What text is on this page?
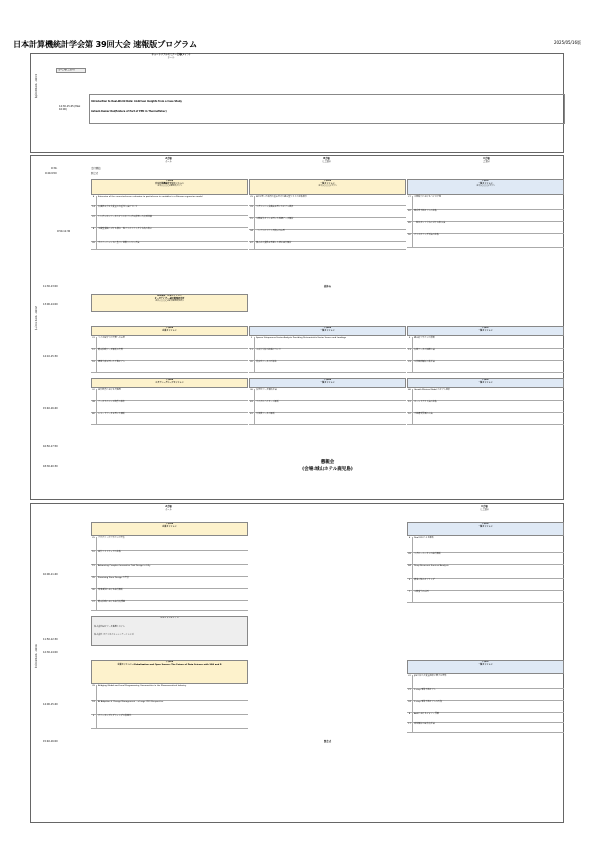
日本計算機統計学会第 39回大会 速報版プログラム	2025/05/16版
1日目・5月16日(金)
第1会場(会議室)
チュートリアルセミナー会場(メイン)
ホール
14:30-15:45 (Max 16:00)
Introduction to Real-World Data: AI-Driven Insights from a Case Study
Ashwin Kumar Rai(Evidera of Part of PPD in Thermofisher)
2日目・5月17日(土)
A会場
ホール
B会場
大会議室
C会場
会議室
9:30-	受付開始
9:40-9:50	開会式
9:50-11:30
午前1A
日本計算機統計学会セッション
座長:○○○○(鹿児島大学)
4	Extension of the corrected-score estimator to partial-error in variables in a Poisson regression model
14	欠損値を含む共変量の多重代入法について
22	シングルセルデータのクラスタリングを活用した次元削減
8	多様型変数に対する潜在一般パラメトリック分布族の推定
26	ダイバージェンスに基づく特徴ランキング法
午前1B
一般セッション
座長:○○○○(大学)
29	IRTを用いた項目の重み付けと適応型テストの比較検討
33	ラグランジュ乗数法を用いたモデル選択
15	空間統計モデルを用いた地域データ解析
34	ノンパラメトリック検定の応用
47	個人内の変動を考慮した遺伝統計解析
午前1C
一般セッション
座長:○○○○(大学)
27	中間報告におけるベイズ予測
42	時系列予測モデルの比較
45	一般化ガンマ分布に対する推定法
50	クラスタリング手法の比較
11:30-13:00	昼休み
13:00-14:00
特別講演・企業セッション
オーガナイザー:統計数理研究所
座長:○○○○(統計数理研究所)
14:10-15:30
午後1A
企業セッション
31	ベイズ統計学の実務への応用
12	臨床試験データ解析の実際
16	機械学習を用いた予測モデル
午後1B
一般セッション
2	Sparse Uniqueness Factor Analysis Providing Deterministic Factor Scores and Loadings
11	主成分分析の拡張について
20	高次元データの可視化
午後1C
一般セッション
9	適応的デザインの評価
13	欠測データの処理方法
23	生存時間解析の新手法
15:40-16:40
午後2A
スタディーグループセッション
32	統計教育における実践例
38	データサイエンス教育の現状
40	レコードデータを用いた解析
午後2B
一般セッション
36	次世代データ解析手法
43	マイクロバイオーム解析
41	大規模データの解析
午後2C
一般セッション
46	Growth Mixture Model のモデル選択
51	ホールドアウト法の比較
52	予測精度評価の方法
16:50-17:50
18:30-20:30
懇親会
(会場:城山ホテル鹿児島)
3日目・5月18日(日)
A会場
ホール
C会場
大会議室
10:00-11:40
午前2A
企業セッション
25	アダプティブデザインの実装
10	統計ソフトウェアの比較
15	Advancing Complex Innovative Trial Design in Lilly
35	Promising Zone Design の実装
30	薬事承認における統計解析
37	臨床試験における統計的課題
午前2C
一般セッション
6	Dual DD による解析
28	ラグビーユニオンの統計解析
44	Deep Recurrent Survival Analysis
5	構造方程式モデリング
7	空間疫学の応用
11:50-12:30
スポンサーセミナー
株式会社NTTデータ数理システム
株式会社 オデッセイコミュニケーションズ
12:30-14:00
14:00-15:40
午後1A
企業セッション: Globalization and Open Source: The Future of Data Science with SAS and R
39	Bridging Global and Local Programming Communities in the Pharmaceutical Industry
18	AI Adoption & Change Management – a Large CRO Perspective
3	クリニカルプログラミングの新時代
午後1C
一般セッション
22	JPS分析の共変量選択に関する考察
21	2-step 事前予測モデル
24	2-step 事前予測モデルの改良
8	AHPにおけるファジィ評価
17	画像解析の統計的手法
15:40-16:00	閉会式
